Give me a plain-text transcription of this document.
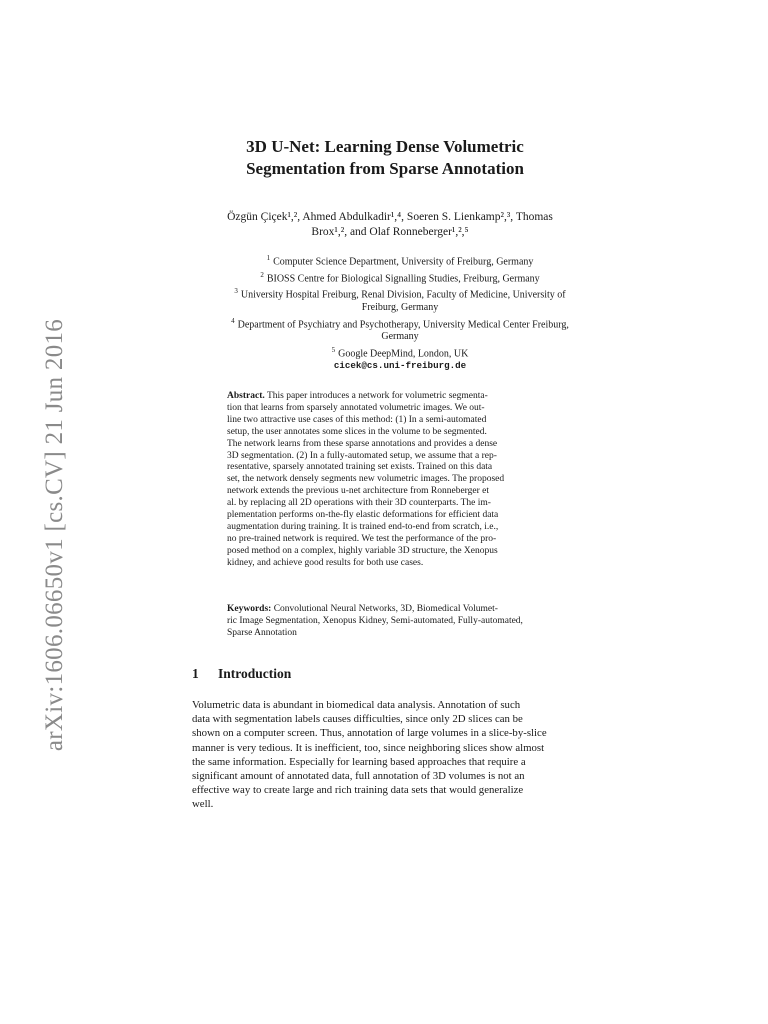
arXiv:1606.06650v1 [cs.CV] 21 Jun 2016
3D U-Net: Learning Dense Volumetric
Segmentation from Sparse Annotation
Özgün Çiçek¹,², Ahmed Abdulkadir¹,⁴, Soeren S. Lienkamp²,³, Thomas
Brox¹,², and Olaf Ronneberger¹,²,⁵
$^1$ Computer Science Department, University of Freiburg, Germany
$^2$ BIOSS Centre for Biological Signalling Studies, Freiburg, Germany
$^3$ University Hospital Freiburg, Renal Division, Faculty of Medicine, University of
Freiburg, Germany
$^4$ Department of Psychiatry and Psychotherapy, University Medical Center Freiburg,
Germany
$^5$ Google DeepMind, London, UK
cicek@cs.uni-freiburg.de
Abstract. This paper introduces a network for volumetric segmenta-
tion that learns from sparsely annotated volumetric images. We out-
line two attractive use cases of this method: (1) In a semi-automated
setup, the user annotates some slices in the volume to be segmented.
The network learns from these sparse annotations and provides a dense
3D segmentation. (2) In a fully-automated setup, we assume that a rep-
resentative, sparsely annotated training set exists. Trained on this data
set, the network densely segments new volumetric images. The proposed
network extends the previous u-net architecture from Ronneberger et
al. by replacing all 2D operations with their 3D counterparts. The im-
plementation performs on-the-fly elastic deformations for efficient data
augmentation during training. It is trained end-to-end from scratch, i.e.,
no pre-trained network is required. We test the performance of the pro-
posed method on a complex, highly variable 3D structure, the Xenopus
kidney, and achieve good results for both use cases.
Keywords: Convolutional Neural Networks, 3D, Biomedical Volumet-
ric Image Segmentation, Xenopus Kidney, Semi-automated, Fully-automated,
Sparse Annotation
1 Introduction
Volumetric data is abundant in biomedical data analysis. Annotation of such
data with segmentation labels causes difficulties, since only 2D slices can be
shown on a computer screen. Thus, annotation of large volumes in a slice-by-slice
manner is very tedious. It is inefficient, too, since neighboring slices show almost
the same information. Especially for learning based approaches that require a
significant amount of annotated data, full annotation of 3D volumes is not an
effective way to create large and rich training data sets that would generalize
well.
